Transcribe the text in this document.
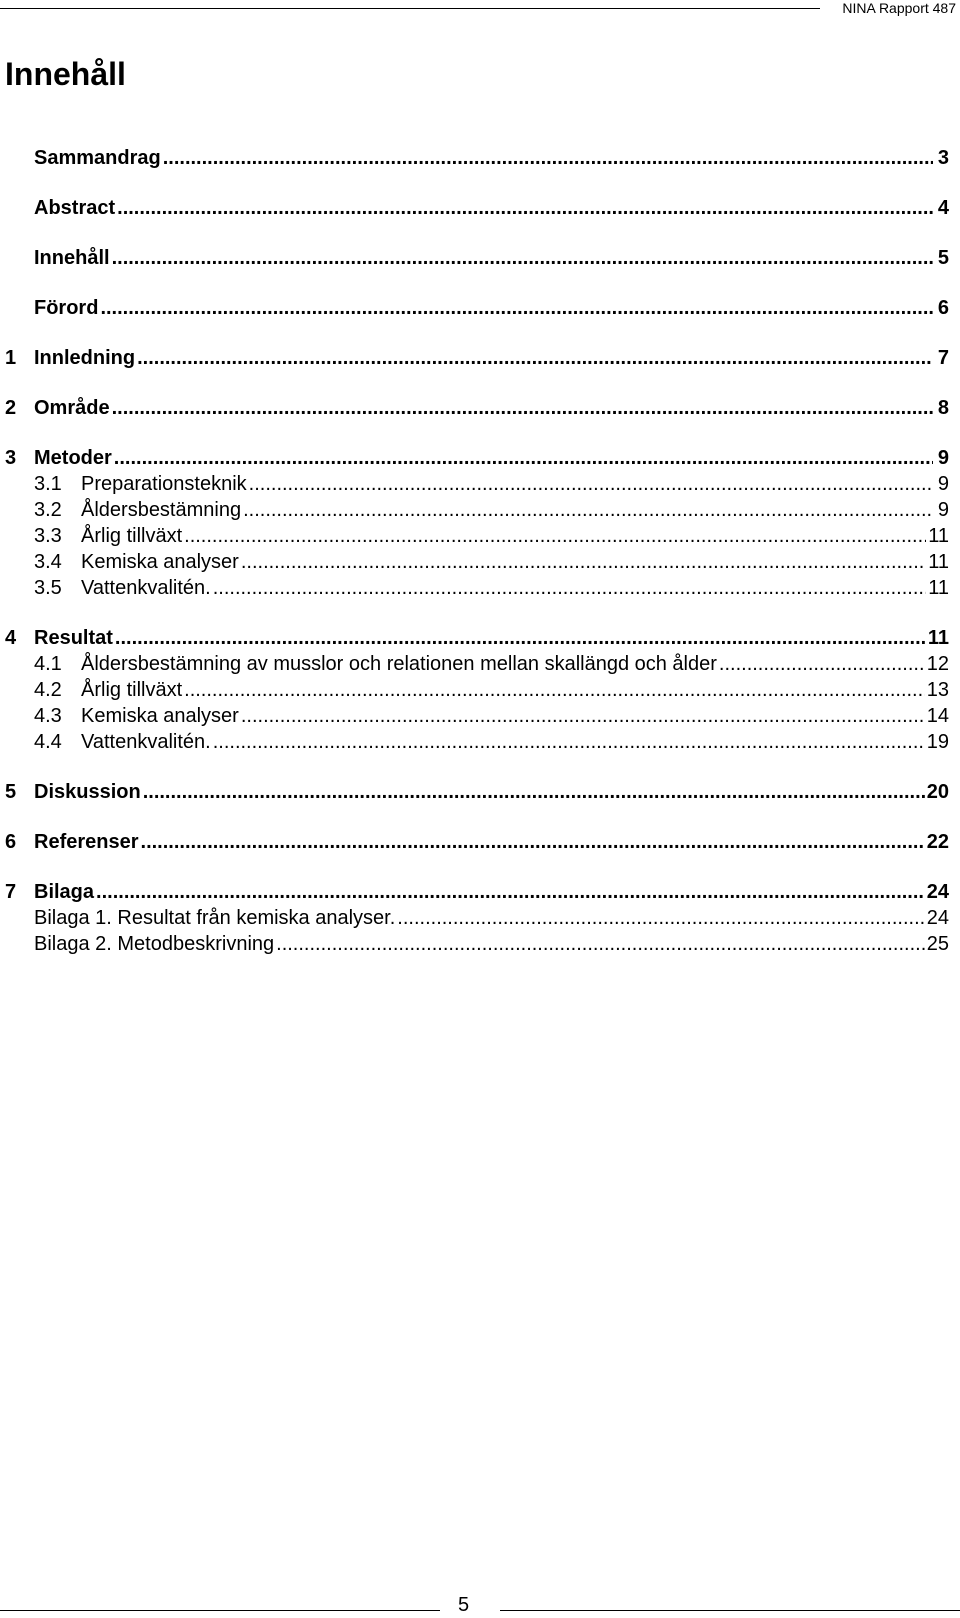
NINA Rapport 487
Innehåll
Sammandrag .....	3
Abstract .....	4
Innehåll .....	5
Förord .....	6
1 Innledning .....	7
2 Område .....	8
3 Metoder .....	9
3.1 Preparationsteknik .....	9
3.2 Åldersbestämning .....	9
3.3 Årlig tillväxt .....	11
3.4 Kemiska analyser .....	11
3.5 Vattenkvalitén. .....	11
4 Resultat .....	11
4.1 Åldersbestämning av musslor och relationen mellan skallängd och ålder .....	12
4.2 Årlig tillväxt .....	13
4.3 Kemiska analyser .....	14
4.4 Vattenkvalitén. .....	19
5 Diskussion .....	20
6 Referenser .....	22
7 Bilaga .....	24
Bilaga 1. Resultat från kemiska analyser. .....	24
Bilaga 2. Metodbeskrivning .....	25
5
